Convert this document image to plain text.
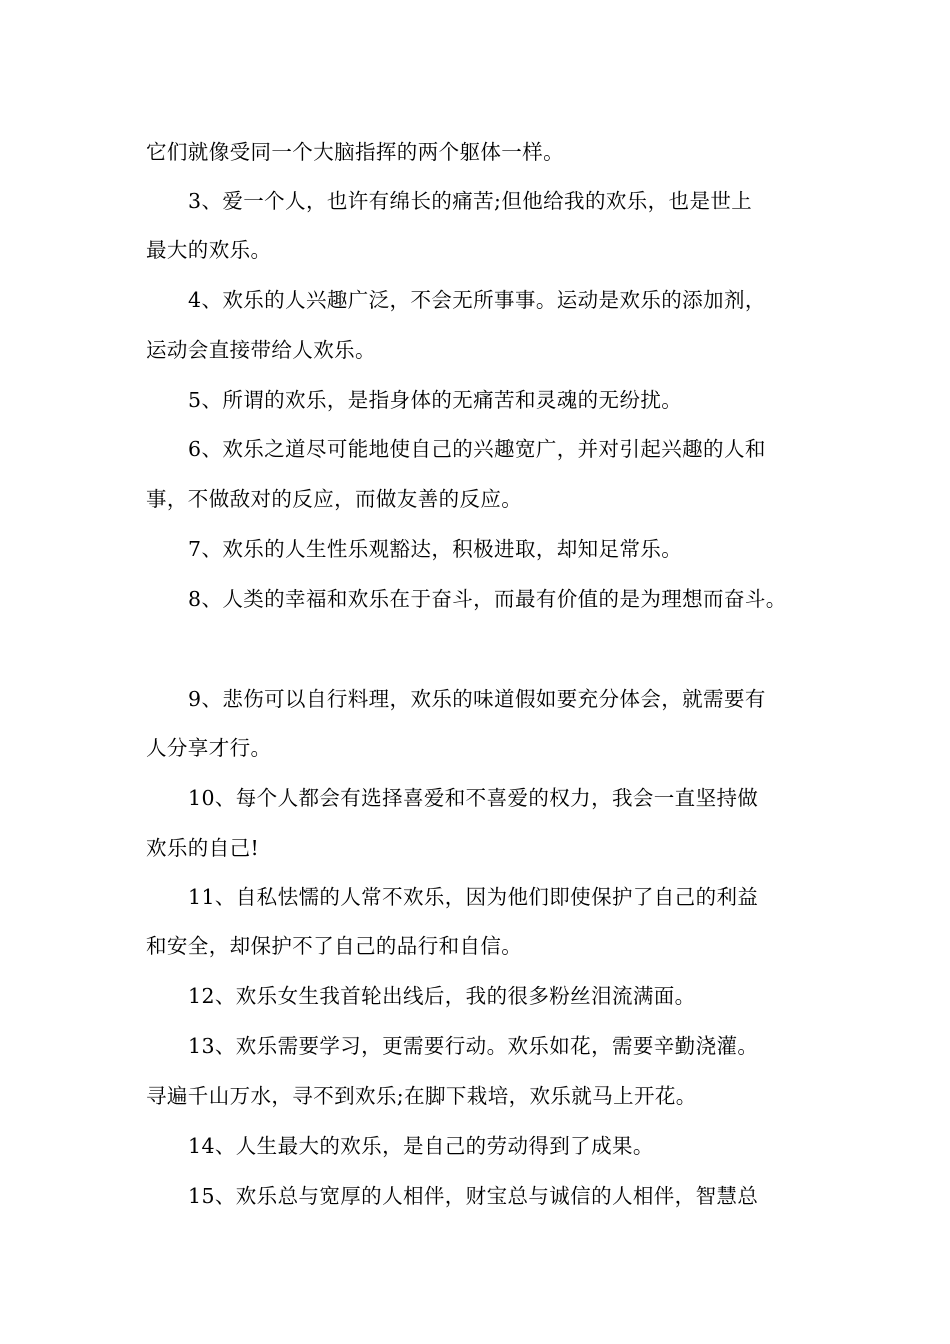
它们就像受同一个大脑指挥的两个躯体一样。
3、爱一个人，也许有绵长的痛苦;但他给我的欢乐，也是世上
最大的欢乐。
4、欢乐的人兴趣广泛，不会无所事事。运动是欢乐的添加剂，
运动会直接带给人欢乐。
5、所谓的欢乐，是指身体的无痛苦和灵魂的无纷扰。
6、欢乐之道尽可能地使自己的兴趣宽广，并对引起兴趣的人和
事，不做敌对的反应，而做友善的反应。
7、欢乐的人生性乐观豁达，积极进取，却知足常乐。
8、人类的幸福和欢乐在于奋斗，而最有价值的是为理想而奋斗。
9、悲伤可以自行料理，欢乐的味道假如要充分体会，就需要有
人分享才行。
10、每个人都会有选择喜爱和不喜爱的权力，我会一直坚持做
欢乐的自己!
11、自私怯懦的人常不欢乐，因为他们即使保护了自己的利益
和安全，却保护不了自己的品行和自信。
12、欢乐女生我首轮出线后，我的很多粉丝泪流满面。
13、欢乐需要学习，更需要行动。欢乐如花，需要辛勤浇灌。
寻遍千山万水，寻不到欢乐;在脚下栽培，欢乐就马上开花。
14、人生最大的欢乐，是自己的劳动得到了成果。
15、欢乐总与宽厚的人相伴，财宝总与诚信的人相伴，智慧总
